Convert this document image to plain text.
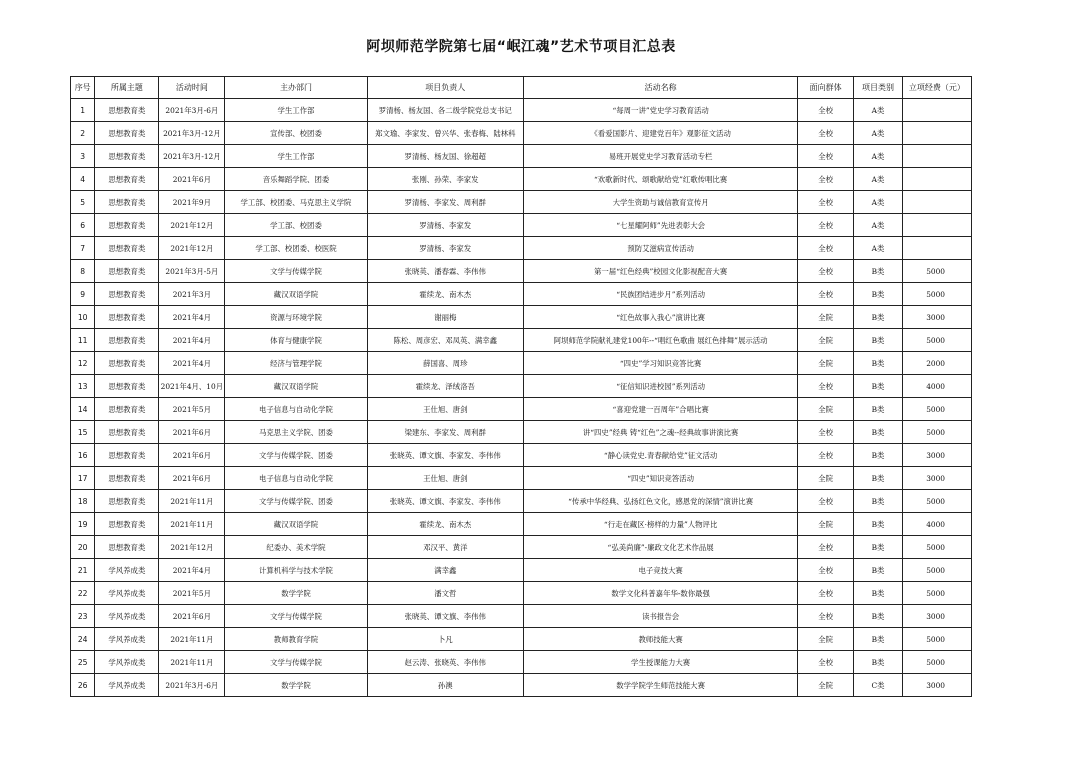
阿坝师范学院第七届“岷江魂”艺术节项目汇总表
序号	所属主题	活动时间	主办部门	项目负责人	活动名称	面向群体	项目类别	立项经费（元）
1	思想教育类	2021年3月-6月	学生工作部	罗清杨、杨友国、各二级学院党总支书记	“每周一讲”党史学习教育活动	全校	A类	
2	思想教育类	2021年3月-12月	宣传部、校团委	郑文瑜、李家发、曾兴华、张春梅、陆林科	《看爱国影片、迎建党百年》观影征文活动	全校	A类	
3	思想教育类	2021年3月-12月	学生工作部	罗清杨、杨友国、徐超超	易班开展党史学习教育活动专栏	全校	A类	
4	思想教育类	2021年6月	音乐舞蹈学院、团委	张刚、孙荣、李家发	“欢歌新时代、颂歌献给党”红歌传唱比赛	全校	A类	
5	思想教育类	2021年9月	学工部、校团委、马克思主义学院	罗清杨、李家发、周利群	大学生资助与诚信教育宣传月	全校	A类	
6	思想教育类	2021年12月	学工部、校团委	罗清杨、李家发	“七星耀阿师”先进表彰大会	全校	A类	
7	思想教育类	2021年12月	学工部、校团委、校医院	罗清杨、李家发	预防艾滋病宣传活动	全校	A类	
8	思想教育类	2021年3月-5月	文学与传媒学院	张晓英、潘春霖、李伟伟	第一届“红色经典”校园文化影视配音大赛	全校	B类	5000
9	思想教育类	2021年3月	藏汉双语学院	霍续龙、南木杰	“民族团结进步月”系列活动	全校	B类	5000
10	思想教育类	2021年4月	资源与环境学院	谢丽梅	“红色故事入我心”演讲比赛	全院	B类	3000
11	思想教育类	2021年4月	体育与健康学院	陈松、周彦宏、邓凤英、满幸鑫	阿坝师范学院献礼建党100年--“唱红色歌曲 展红色排舞”展示活动	全院	B类	5000
12	思想教育类	2021年4月	经济与管理学院	薛国喜、周珍	“四史”学习知识竞答比赛	全院	B类	2000
13	思想教育类	2021年4月、10月	藏汉双语学院	霍续龙、泽绒洛吾	“征信知识进校园”系列活动	全校	B类	4000
14	思想教育类	2021年5月	电子信息与自动化学院	王仕旭、唐剑	“喜迎党建一百周年”合唱比赛	全院	B类	5000
15	思想教育类	2021年6月	马克思主义学院、团委	梁建东、李家发、周利群	讲“四史”经典 铸“红色”之魂--经典故事讲演比赛	全校	B类	5000
16	思想教育类	2021年6月	文学与传媒学院、团委	张晓英、谭文旗、李家发、李伟伟	“静心读党史.青春献给党”征文活动	全校	B类	3000
17	思想教育类	2021年6月	电子信息与自动化学院	王仕旭、唐剑	“四史”知识竞答活动	全院	B类	3000
18	思想教育类	2021年11月	文学与传媒学院、团委	张晓英、谭文旗、李家发、李伟伟	“传承中华经典、弘扬红色文化，感恩党的深情”演讲比赛	全校	B类	5000
19	思想教育类	2021年11月	藏汉双语学院	霍续龙、南木杰	“行走在藏区·榜样的力量”人物评比	全院	B类	4000
20	思想教育类	2021年12月	纪委办、美术学院	邓汉平、黄洋	“弘美尚廉”-廉政文化艺术作品展	全校	B类	5000
21	学风养成类	2021年4月	计算机科学与技术学院	满幸鑫	电子竞技大赛	全校	B类	5000
22	学风养成类	2021年5月	数学学院	潘文哲	数学文化科普嘉年华-数你最强	全校	B类	5000
23	学风养成类	2021年6月	文学与传媒学院	张晓英、谭文旗、李伟伟	读书报告会	全校	B类	3000
24	学风养成类	2021年11月	教师教育学院	卜凡	教师技能大赛	全院	B类	5000
25	学风养成类	2021年11月	文学与传媒学院	赵云涛、张晓英、李伟伟	学生授课能力大赛	全校	B类	5000
26	学风养成类	2021年3月-6月	数学学院	孙澳	数学学院学生师范技能大赛	全院	C类	3000
